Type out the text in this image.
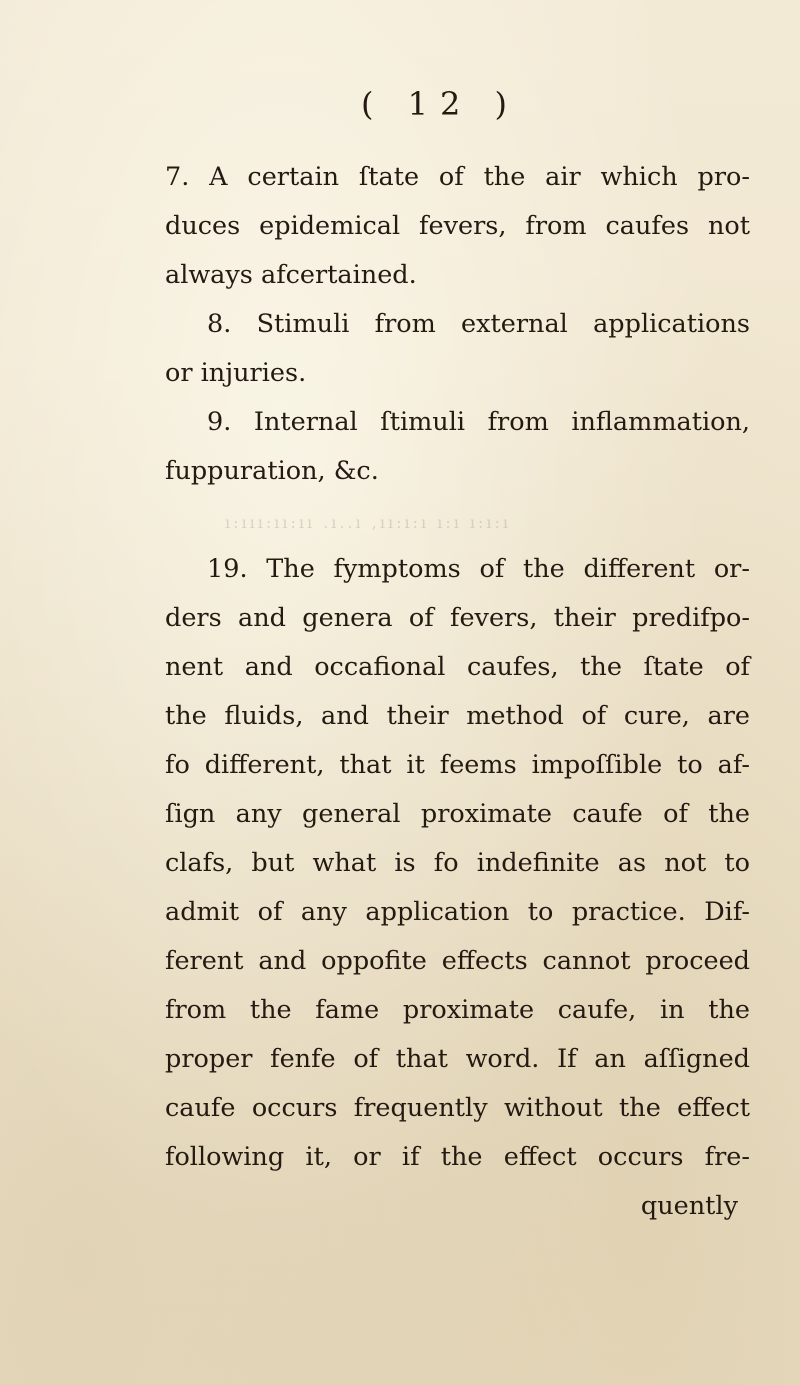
( 12 )
7. A certain ſtate of the air which pro-
duces epidemical fevers, from caufes not
always afcertained.
8. Stimuli from external applications
or injuries.
9. Internal ſtimuli from inflammation,
fuppuration, &c.
ı:ııı:ıı:ıı .ı..ı ,ıı:ı:ı ı:ı ı:ı:ı
19. The fymptoms of the different or-
ders and genera of fevers, their predifpo-
nent and occafional caufes, the ſtate of
the fluids, and their method of cure, are
fo different, that it feems impoſſible to af-
ſign any general proximate caufe of the
clafs, but what is fo indefinite as not to
admit of any application to practice. Dif-
ferent and oppofite effects cannot proceed
from the fame proximate caufe, in the
proper fenfe of that word. If an aſſigned
caufe occurs frequently without the effect
following it, or if the effect occurs fre-
quently
